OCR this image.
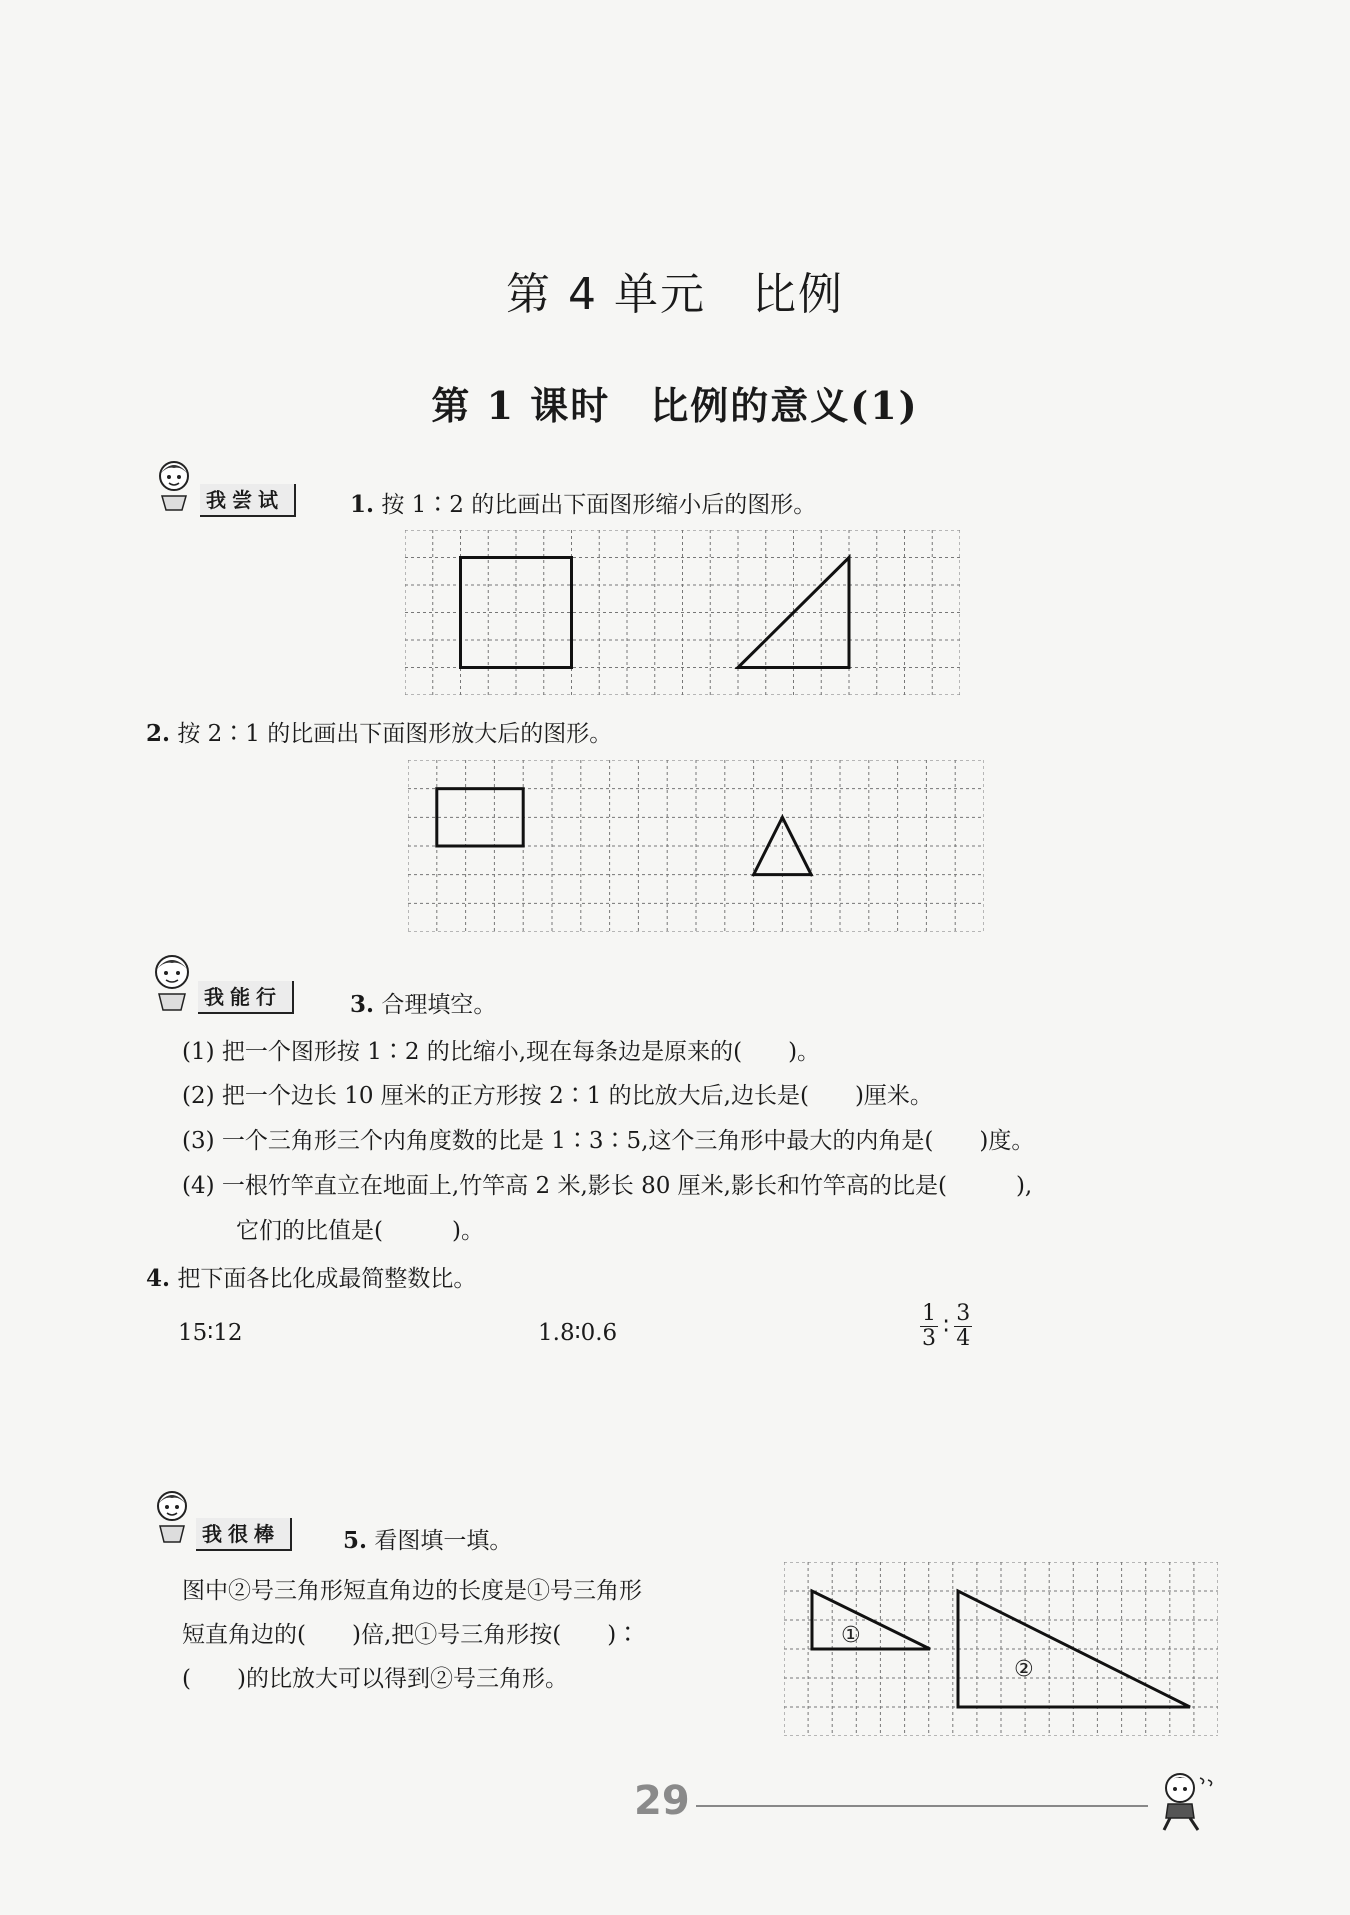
第 4 单元　比例
第 1 课时　比例的意义(1)
我尝试	1. 按 1∶2 的比画出下面图形缩小后的图形。
2. 按 2∶1 的比画出下面图形放大后的图形。
我能行	3. 合理填空。
(1) 把一个图形按 1∶2 的比缩小,现在每条边是原来的(　　)。
(2) 把一个边长 10 厘米的正方形按 2∶1 的比放大后,边长是(　　)厘米。
(3) 一个三角形三个内角度数的比是 1∶3∶5,这个三角形中最大的内角是(　　)度。
(4) 一根竹竿直立在地面上,竹竿高 2 米,影长 80 厘米,影长和竹竿高的比是(　　　),
它们的比值是(　　　)。
4. 把下面各比化成最简整数比。
15∶12	1.8∶0.6	$\frac{1}{3}$ ∶ $\frac{3}{4}$
我很棒	5. 看图填一填。
图中②号三角形短直角边的长度是①号三角形
短直角边的(　　)倍,把①号三角形按(　　)∶
(　　)的比放大可以得到②号三角形。
①
②
29
